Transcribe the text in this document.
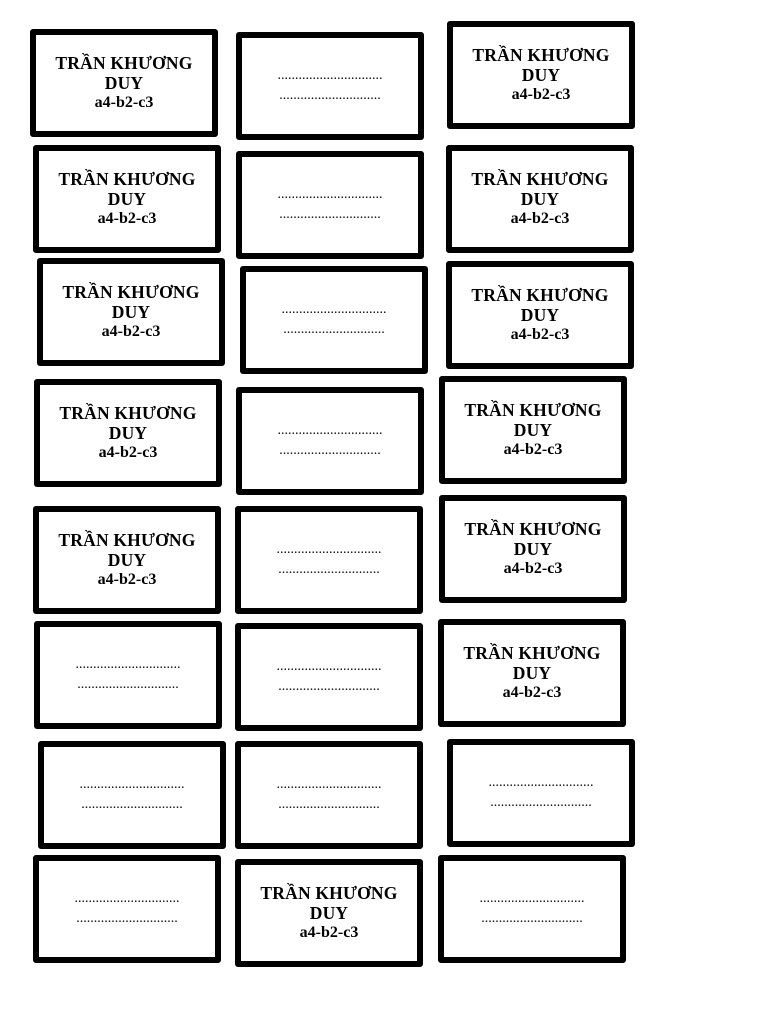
TRẦN KHƯƠNG DUY
a4-b2-c3
..............................
.............................
TRẦN KHƯƠNG DUY
a4-b2-c3
TRẦN KHƯƠNG DUY
a4-b2-c3
..............................
.............................
TRẦN KHƯƠNG DUY
a4-b2-c3
TRẦN KHƯƠNG DUY
a4-b2-c3
..............................
.............................
TRẦN KHƯƠNG DUY
a4-b2-c3
TRẦN KHƯƠNG DUY
a4-b2-c3
..............................
.............................
TRẦN KHƯƠNG DUY
a4-b2-c3
TRẦN KHƯƠNG DUY
a4-b2-c3
..............................
.............................
TRẦN KHƯƠNG DUY
a4-b2-c3
..............................
.............................
..............................
.............................
TRẦN KHƯƠNG DUY
a4-b2-c3
..............................
.............................
..............................
.............................
..............................
.............................
..............................
.............................
TRẦN KHƯƠNG DUY
a4-b2-c3
..............................
.............................
